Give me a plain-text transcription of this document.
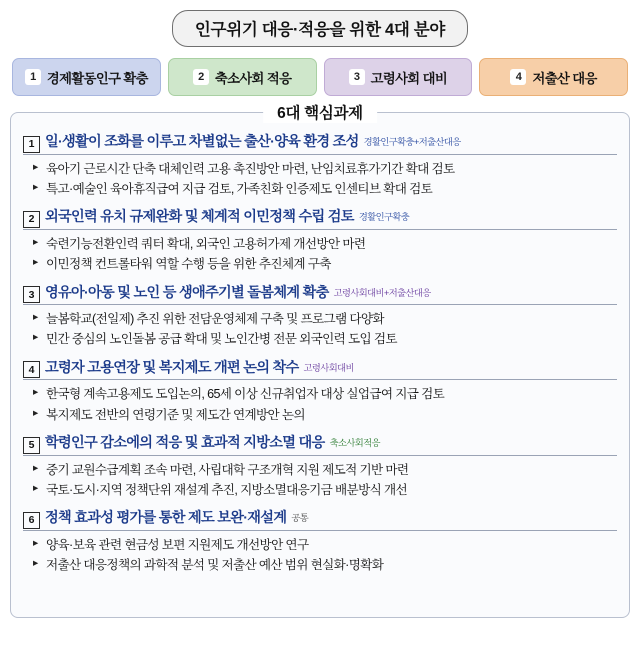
인구위기 대응·적응을 위한 4대 분야
1 경제활동인구 확충	2 축소사회 적응	3 고령사회 대비	4 저출산 대응
6대 핵심과제
1 일·생활이 조화를 이루고 차별없는 출산·양육 환경 조성 경활인구확충+저출산대응
▸ 육아기 근로시간 단축 대체인력 고용 촉진방안 마련, 난임치료휴가기간 확대 검토
▸ 특고·예술인 육아휴직급여 지급 검토, 가족친화 인증제도 인센티브 확대 검토
2 외국인력 유치 규제완화 및 체계적 이민정책 수립 검토 경활인구확충
▸ 숙련기능전환인력 쿼터 확대, 외국인 고용허가제 개선방안 마련
▸ 이민정책 컨트롤타워 역할 수행 등을 위한 추진체계 구축
3 영유아·아동 및 노인 등 생애주기별 돌봄체계 확충 고령사회대비+저출산대응
▸ 늘봄학교(전일제) 추진 위한 전담운영체제 구축 및 프로그램 다양화
▸ 민간 중심의 노인돌봄 공급 확대 및 노인간병 전문 외국인력 도입 검토
4 고령자 고용연장 및 복지제도 개편 논의 착수 고령사회대비
▸ 한국형 계속고용제도 도입논의, 65세 이상 신규취업자 대상 실업급여 지급 검토
▸ 복지제도 전반의 연령기준 및 제도간 연계방안 논의
5 학령인구 감소에의 적응 및 효과적 지방소멸 대응 축소사회적응
▸ 중기 교원수급계획 조속 마련, 사립대학 구조개혁 지원 제도적 기반 마련
▸ 국토·도시·지역 정책단위 재설계 추진, 지방소멸대응기금 배분방식 개선
6 정책 효과성 평가를 통한 제도 보완·재설계 공통
▸ 양육·보육 관련 현금성 보편 지원제도 개선방안 연구
▸ 저출산 대응정책의 과학적 분석 및 저출산 예산 범위 현실화·명확화
